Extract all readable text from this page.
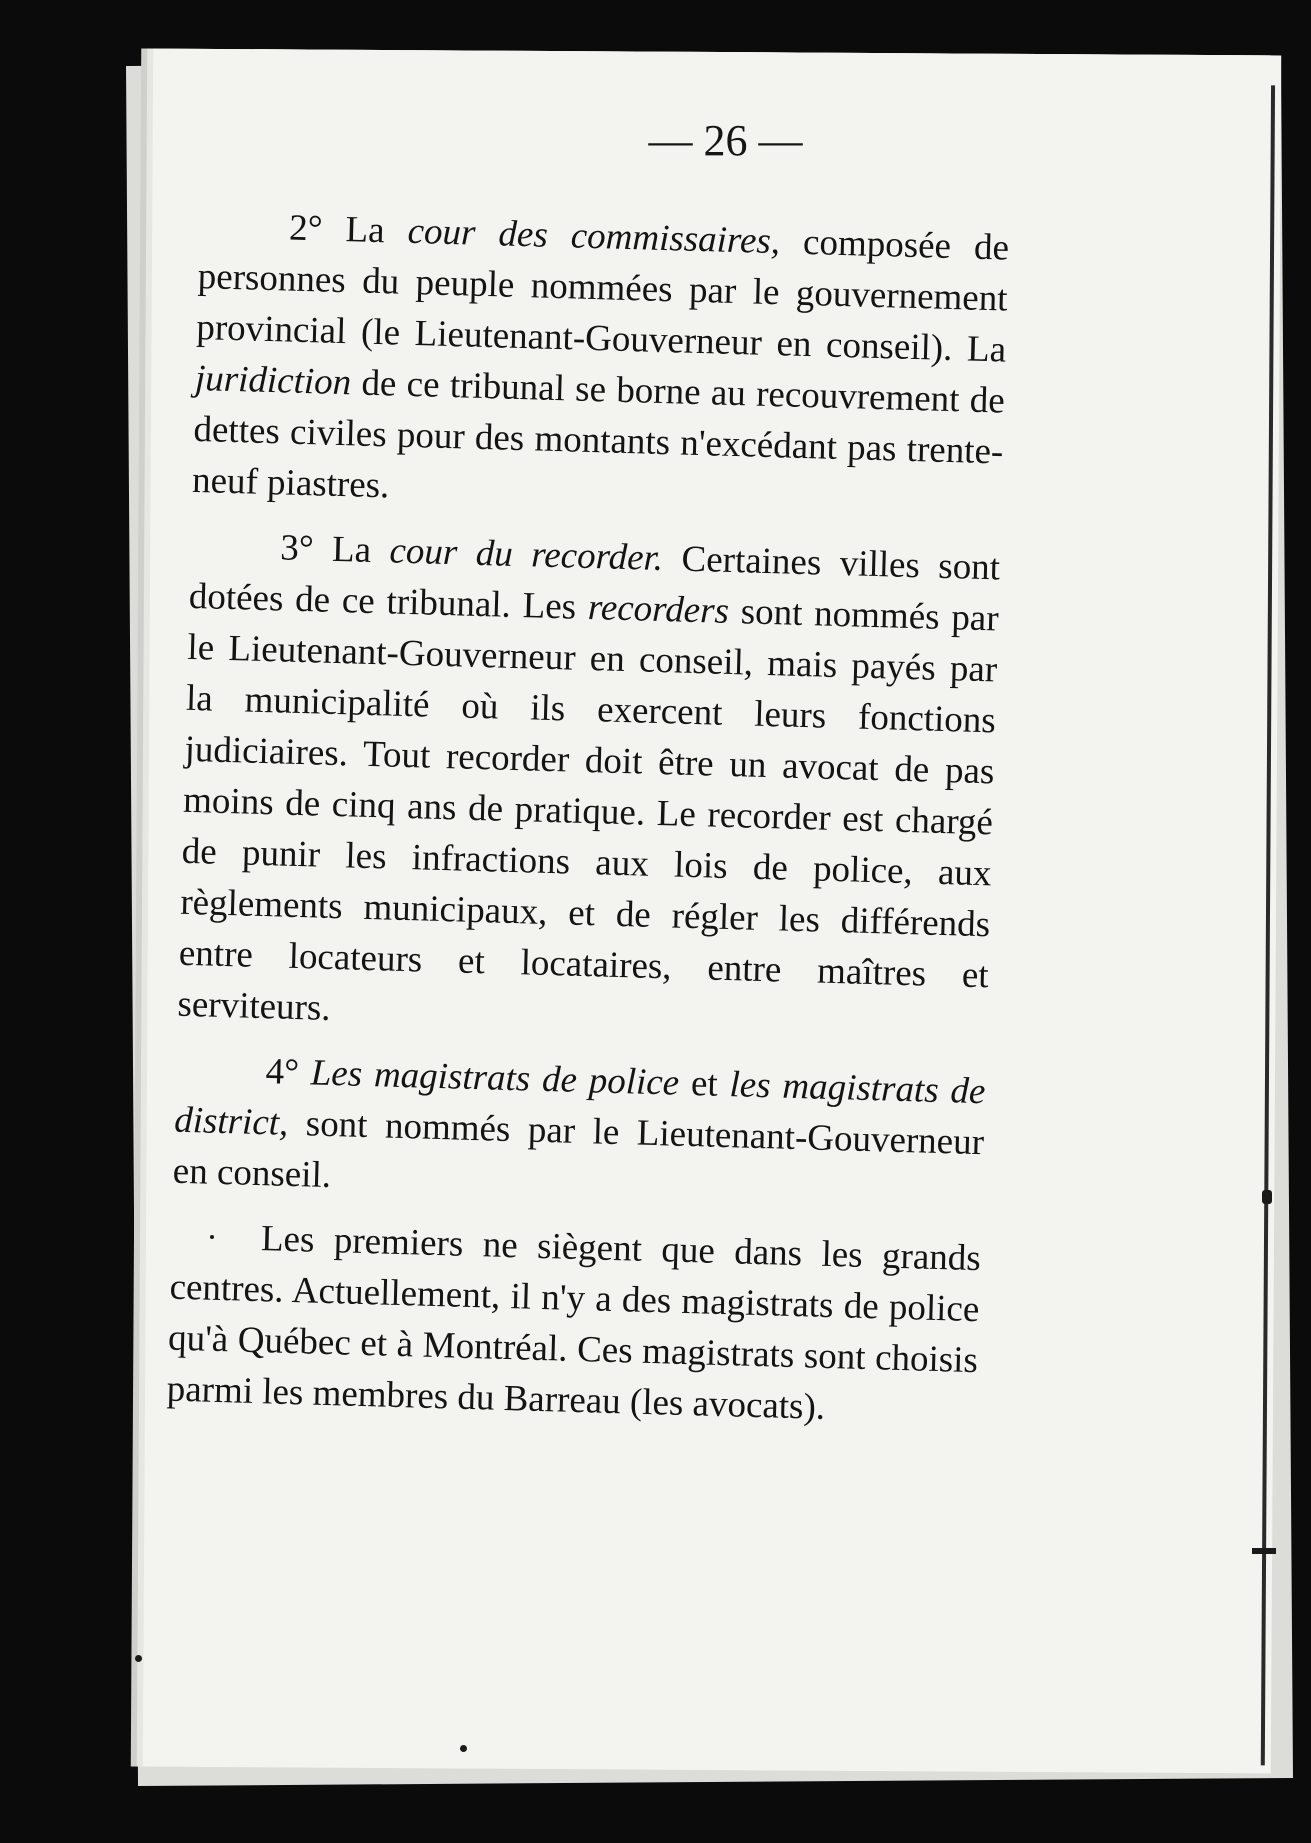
— 26 —

2° La cour des commissaires, composée de personnes du peuple nommées par le gouvernement provincial (le Lieutenant-Gouverneur en conseil). La juridiction de ce tribunal se borne au recouvrement de dettes civiles pour des montants n'excédant pas trente-neuf piastres.

3° La cour du recorder. Certaines villes sont dotées de ce tribunal. Les recorders sont nommés par le Lieutenant-Gouverneur en conseil, mais payés par la municipalité où ils exercent leurs fonctions judiciaires. Tout recorder doit être un avocat de pas moins de cinq ans de pratique. Le recorder est chargé de punir les infractions aux lois de police, aux règlements municipaux, et de régler les différends entre locateurs et locataires, entre maîtres et serviteurs.

4° Les magistrats de police et les magistrats de district, sont nommés par le Lieutenant-Gouverneur en conseil.

Les premiers ne siègent que dans les grands centres. Actuellement, il n'y a des magistrats de police qu'à Québec et à Montréal. Ces magistrats sont choisis parmi les membres du Barreau (les avocats).
